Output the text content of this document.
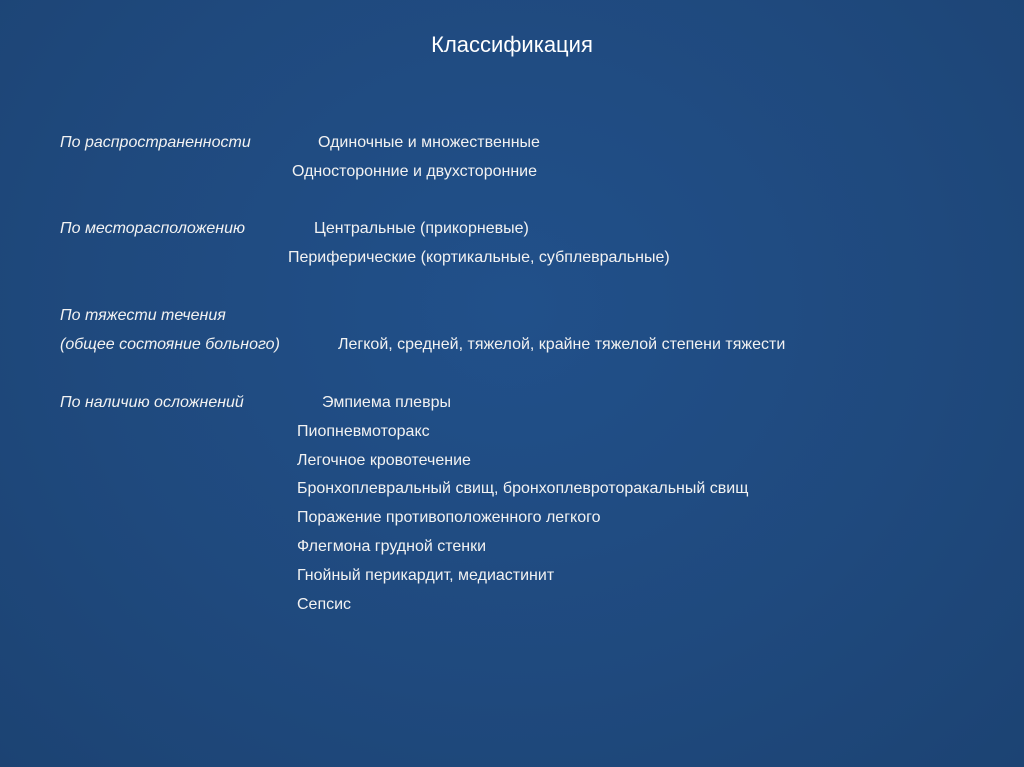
Классификация
По распространенности	Одиночные и множественные
Односторонние и двухсторонние
По месторасположению	Центральные (прикорневые)
Периферические (кортикальные, субплевральные)
По тяжести течения
(общее состояние больного)	Легкой, средней, тяжелой, крайне тяжелой степени тяжести
По наличию осложнений	Эмпиема плевры
Пиопневмоторакс
Легочное кровотечение
Бронхоплевральный свищ, бронхоплевроторакальный свищ
Поражение противоположенного легкого
Флегмона грудной стенки
Гнойный перикардит, медиастинит
Сепсис
